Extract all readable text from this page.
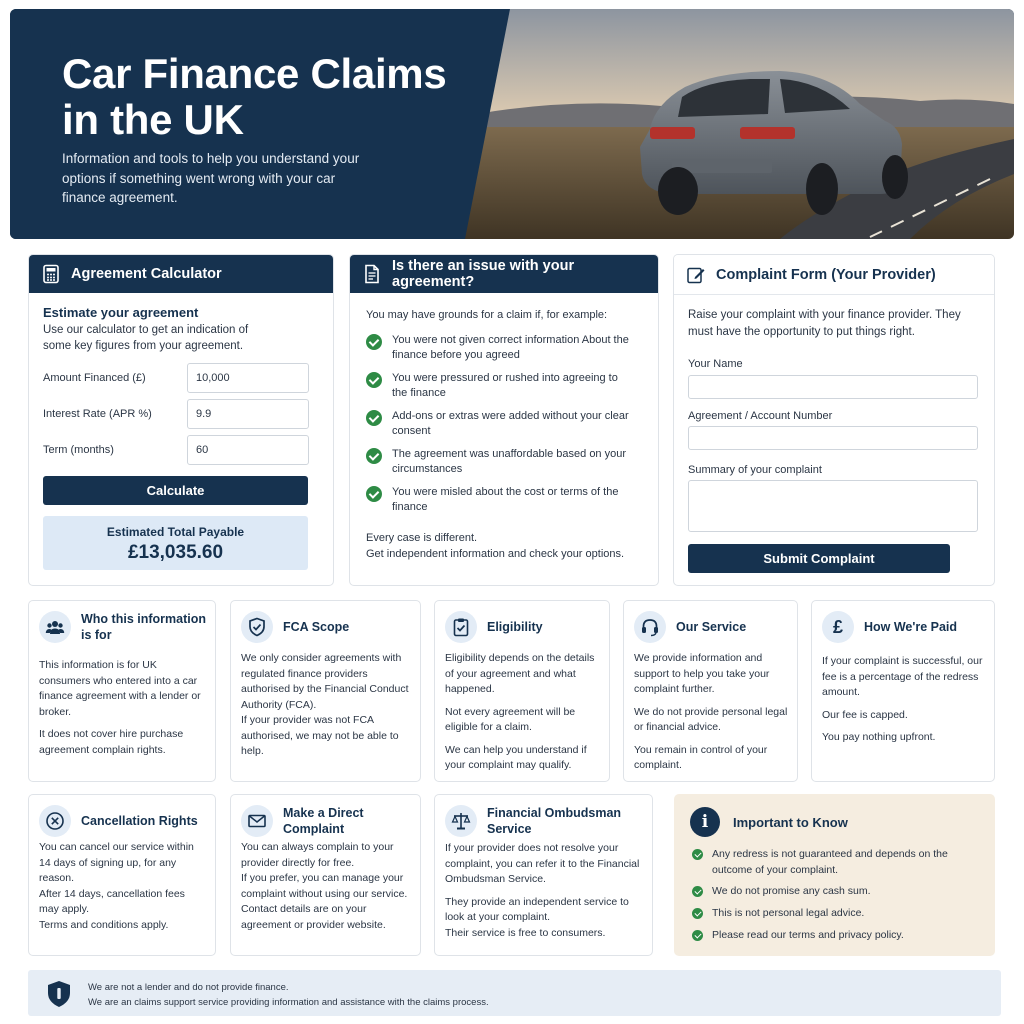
Car Finance Claims in the UK
Information and tools to help you understand your options if something went wrong with your car finance agreement.
Agreement Calculator
Estimate your agreement
Use our calculator to get an indication of some key figures from your agreement.
Amount Financed (£)
10,000
Interest Rate (APR %)
9.9
Term (months)
60
Calculate
Estimated Total Payable
£13,035.60
Is there an issue with your agreement?
You may have grounds for a claim if, for example:
You were not given correct information About the finance before you agreed
You were pressured or rushed into agreeing to the finance
Add-ons or extras were added without your clear consent
The agreement was unaffordable based on your circumstances
You were misled about the cost or terms of the finance
Every case is different.
Get independent information and check your options.
Complaint Form (Your Provider)
Raise your complaint with your finance provider. They must have the opportunity to put things right.
Your Name
Agreement / Account Number
Summary of your complaint
Submit Complaint
Who this information is for

This information is for UK consumers who entered into a car finance agreement with a lender or broker.

It does not cover hire purchase agreement complain rights.

FCA Scope

We only consider agreements with regulated finance providers authorised by the Financial Conduct Authority (FCA).

If your provider was not FCA authorised, we may not be able to help.

Eligibility

Eligibility depends on the details of your agreement and what happened.

Not every agreement will be eligible for a claim.

We can help you understand if your complaint may qualify.

Our Service

We provide information and support to help you take your complaint further.

We do not provide personal legal or financial advice.

You remain in control of your complaint.

£ How We're Paid

If your complaint is successful, our fee is a percentage of the redress amount.

Our fee is capped.

You pay nothing upfront.

Cancellation Rights

You can cancel our service within 14 days of signing up, for any reason.

After 14 days, cancellation fees may apply.

Terms and conditions apply.

Make a Direct Complaint

You can always complain to your provider directly for free.

If you prefer, you can manage your complaint without using our service.

Contact details are on your agreement or provider website.

Financial Ombudsman Service

If your provider does not resolve your complaint, you can refer it to the Financial Ombudsman Service.

They provide an independent service to look at your complaint.

Their service is free to consumers.

i	Important to Know
Any redress is not guaranteed and depends on the outcome of your complaint.
We do not promise any cash sum.
This is not personal legal advice.
Please read our terms and privacy policy.
We are not a lender and do not provide finance.
We are an claims support service providing information and assistance with the claims process.
